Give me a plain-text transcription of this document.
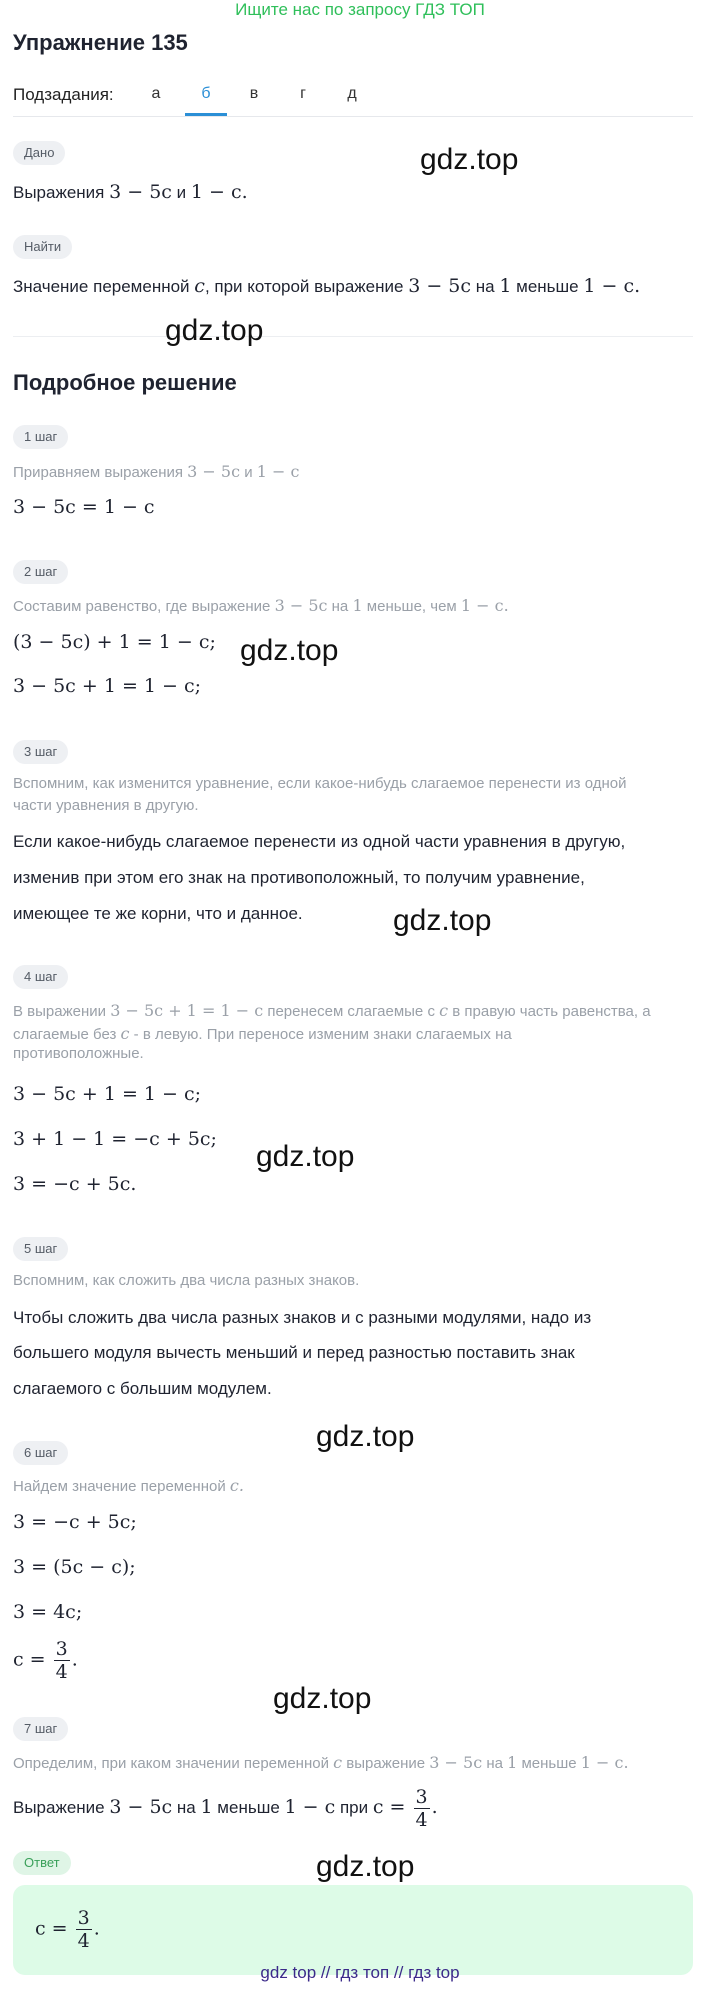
Ищите нас по запросу ГДЗ ТОП
Упражнение 135
Подзадания:	а	б	в	г	д
Дано
Выражения 3 − 5c и 1 − c.
Найти
Значение переменной c, при которой выражение 3 − 5c на 1 меньше 1 − c.
Подробное решение
1 шаг
Приравняем выражения 3 − 5c и 1 − c
3 − 5c = 1 − c
2 шаг
Составим равенство, где выражение 3 − 5c на 1 меньше, чем 1 − c.
(3 − 5c) + 1 = 1 − c;
3 − 5c + 1 = 1 − c;
3 шаг
Вспомним, как изменится уравнение, если какое-нибудь слагаемое перенести из одной
части уравнения в другую.
Если какое-нибудь слагаемое перенести из одной части уравнения в другую,
изменив при этом его знак на противоположный, то получим уравнение,
имеющее те же корни, что и данное.
4 шаг
В выражении 3 − 5c + 1 = 1 − c перенесем слагаемые с c в правую часть равенства, а
слагаемые без c - в левую. При переносе изменим знаки слагаемых на
противоположные.
3 − 5c + 1 = 1 − c;
3 + 1 − 1 = −c + 5c;
3 = −c + 5c.
5 шаг
Вспомним, как сложить два числа разных знаков.
Чтобы сложить два числа разных знаков и с разными модулями, надо из
большего модуля вычесть меньший и перед разностью поставить знак
слагаемого с большим модулем.
6 шаг
Найдем значение переменной c.
3 = −c + 5c;
3 = (5c − c);
3 = 4c;
$c = \frac{3}{4}$ .
7 шаг
Определим, при каком значении переменной c выражение 3 − 5c на 1 меньше 1 − c.
Выражение 3 − 5c на 1 меньше 1 − c при $c = \frac{3}{4}$ .
Ответ
$c = \frac{3}{4}$ .
gdz.top
gdz.top
gdz.top
gdz.top
gdz.top
gdz.top
gdz.top
gdz.top
gdz top // гдз топ // гдз top
